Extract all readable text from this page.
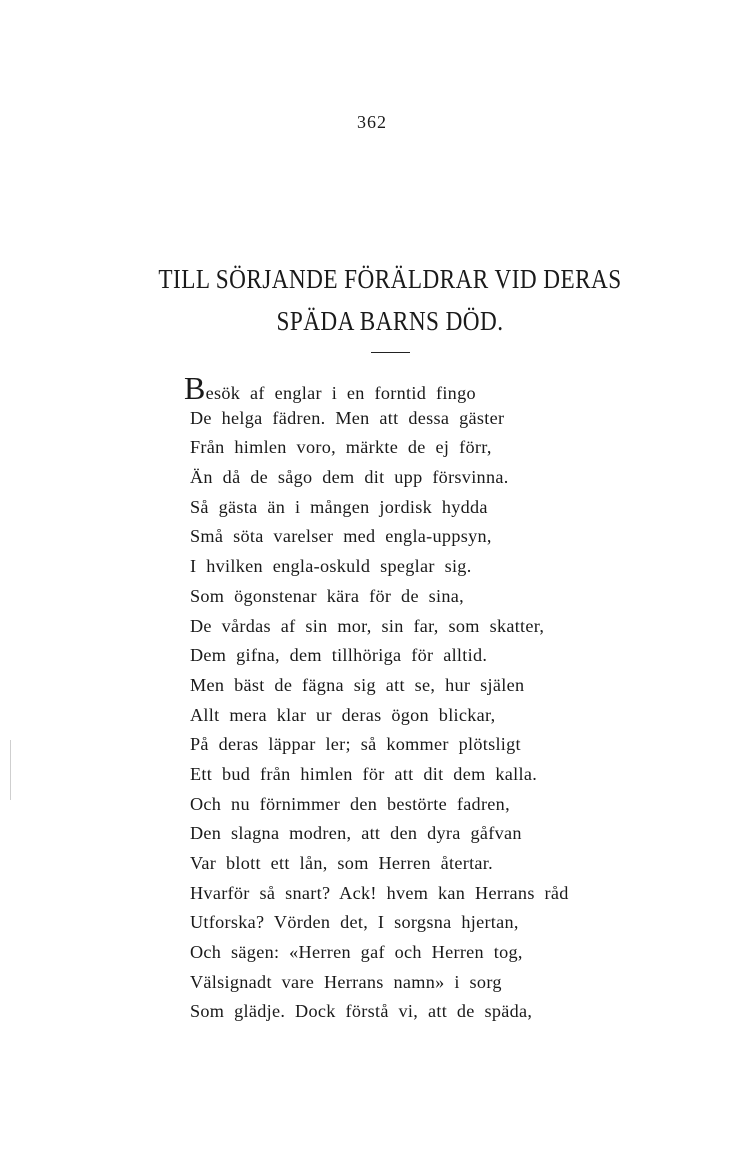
362
TILL SÖRJANDE FÖRÄLDRAR VID DERAS
SPÄDA BARNS DÖD.
Besök af englar i en forntid fingo
De helga fädren. Men att dessa gäster
Från himlen voro, märkte de ej förr,
Än då de sågo dem dit upp försvinna.
Så gästa än i mången jordisk hydda
Små söta varelser med engla-uppsyn,
I hvilken engla-oskuld speglar sig.
Som ögonstenar kära för de sina,
De vårdas af sin mor, sin far, som skatter,
Dem gifna, dem tillhöriga för alltid.
Men bäst de fägna sig att se, hur själen
Allt mera klar ur deras ögon blickar,
På deras läppar ler; så kommer plötsligt
Ett bud från himlen för att dit dem kalla.
Och nu förnimmer den bestörte fadren,
Den slagna modren, att den dyra gåfvan
Var blott ett lån, som Herren återtar.
Hvarför så snart? Ack! hvem kan Herrans råd
Utforska? Vörden det, I sorgsna hjertan,
Och sägen: «Herren gaf och Herren tog,
Välsignadt vare Herrans namn» i sorg
Som glädje. Dock förstå vi, att de späda,
